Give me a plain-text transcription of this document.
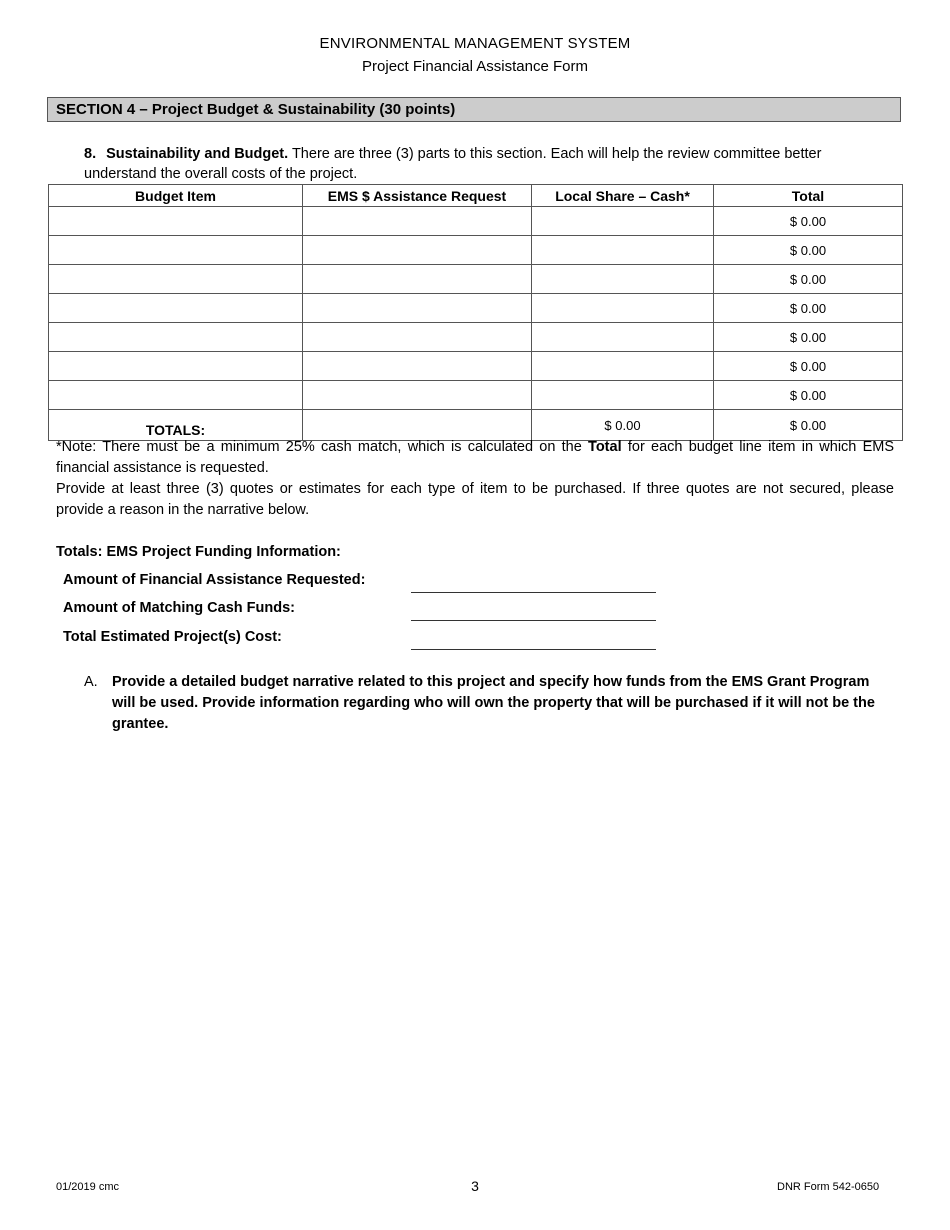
ENVIRONMENTAL MANAGEMENT SYSTEM
Project Financial Assistance Form
SECTION 4 – Project Budget & Sustainability (30 points)
8. Sustainability and Budget. There are three (3) parts to this section. Each will help the review committee better understand the overall costs of the project.
Budget Item	EMS $ Assistance Request	Local Share – Cash*	Total
			$ 0.00
			$ 0.00
			$ 0.00
			$ 0.00
			$ 0.00
			$ 0.00
			$ 0.00
TOTALS:		$ 0.00	$ 0.00

*Note: There must be a minimum 25% cash match, which is calculated on the Total for each budget line item in which EMS financial assistance is requested.

Provide at least three (3) quotes or estimates for each type of item to be purchased. If three quotes are not secured, please provide a reason in the narrative below.

Totals: EMS Project Funding Information:
Amount of Financial Assistance Requested:
Amount of Matching Cash Funds:
Total Estimated Project(s) Cost:
A. Provide a detailed budget narrative related to this project and specify how funds from the EMS Grant Program will be used. Provide information regarding who will own the property that will be purchased if it will not be the grantee.
01/2019 cmc	3	DNR Form 542-0650
